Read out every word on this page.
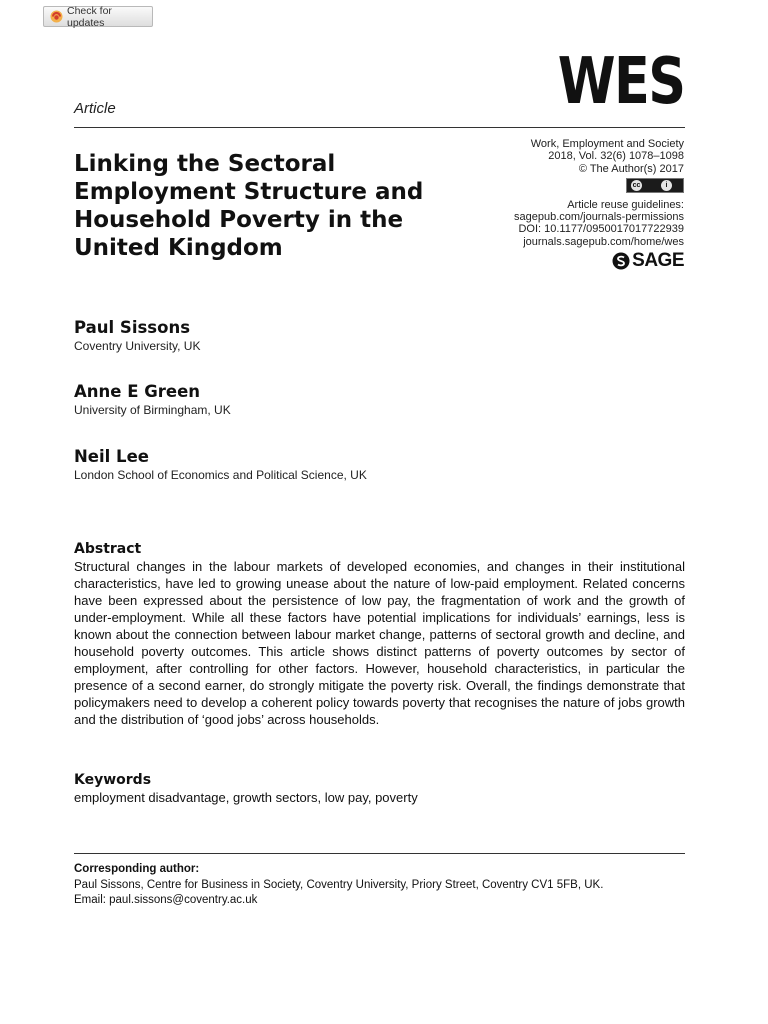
Check for updates
WES
Article
Linking the Sectoral Employment Structure and Household Poverty in the United Kingdom
Work, Employment and Society
2018, Vol. 32(6) 1078–1098
© The Author(s) 2017
cc	i
Article reuse guidelines:
sagepub.com/journals-permissions
DOI: 10.1177/0950017017722939
journals.sagepub.com/home/wes
SAGE
Paul Sissons
Coventry University, UK
Anne E Green
University of Birmingham, UK
Neil Lee
London School of Economics and Political Science, UK
Abstract

Structural changes in the labour markets of developed economies, and changes in their institutional characteristics, have led to growing unease about the nature of low-paid employment. Related concerns have been expressed about the persistence of low pay, the fragmentation of work and the growth of under-employment. While all these factors have potential implications for individuals’ earnings, less is known about the connection between labour market change, patterns of sectoral growth and decline, and household poverty outcomes. This article shows distinct patterns of poverty outcomes by sector of employment, after controlling for other factors. However, household characteristics, in particular the presence of a second earner, do strongly mitigate the poverty risk. Overall, the findings demonstrate that policymakers need to develop a coherent policy towards poverty that recognises the nature of jobs growth and the distribution of ‘good jobs’ across households.

Keywords
employment disadvantage, growth sectors, low pay, poverty
Corresponding author:
Paul Sissons, Centre for Business in Society, Coventry University, Priory Street, Coventry CV1 5FB, UK.
Email: paul.sissons@coventry.ac.uk
